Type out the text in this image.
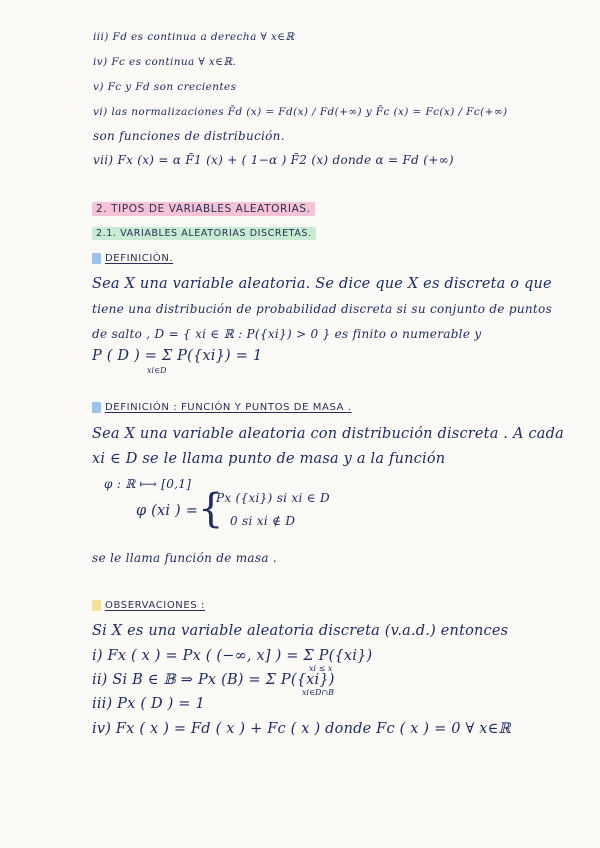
iii) Fd es continua a derecha ∀ x∈ℝ
iv) Fc es continua ∀ x∈ℝ.
v) Fc y Fd son crecientes
vi) las normalizaciones F̄d (x) = Fd(x) / Fd(+∞) y F̄c (x) = Fc(x) / Fc(+∞)
son funciones de distribución.
vii) Fx (x) = α F̄1 (x) + ( 1−α ) F̄2 (x) donde α = Fd (+∞)
2. TIPOS DE VARIABLES ALEATORIAS.
2.1. VARIABLES ALEATORIAS DISCRETAS.
DEFINICIÓN.
Sea X una variable aleatoria. Se dice que X es discreta o que
tiene una distribución de probabilidad discreta si su conjunto de puntos
de salto , D = { xi ∈ ℝ : P({xi}) > 0 } es finito o numerable y
P ( D ) = Σ P({xi}) = 1
xi∈D
DEFINICIÓN : FUNCIÓN Y PUNTOS DE MASA .
Sea X una variable aleatoria con distribución discreta . A cada
xi ∈ D se le llama punto de masa y a la función
φ : ℝ ⟼ [0,1]
φ (xi ) = {
Px ({xi}) si xi ∈ D
0 si xi ∉ D
se le llama función de masa .
OBSERVACIONES :
Si X es una variable aleatoria discreta (v.a.d.) entonces
i) Fx ( x ) = Px ( (−∞, x] ) = Σ P({xi})
xi ≤ x
ii) Si B ∈ 𝔹 ⇒ Px (B) = Σ P({xi})
xi∈D∩B
iii) Px ( D ) = 1
iv) Fx ( x ) = Fd ( x ) + Fc ( x ) donde Fc ( x ) = 0 ∀ x∈ℝ
